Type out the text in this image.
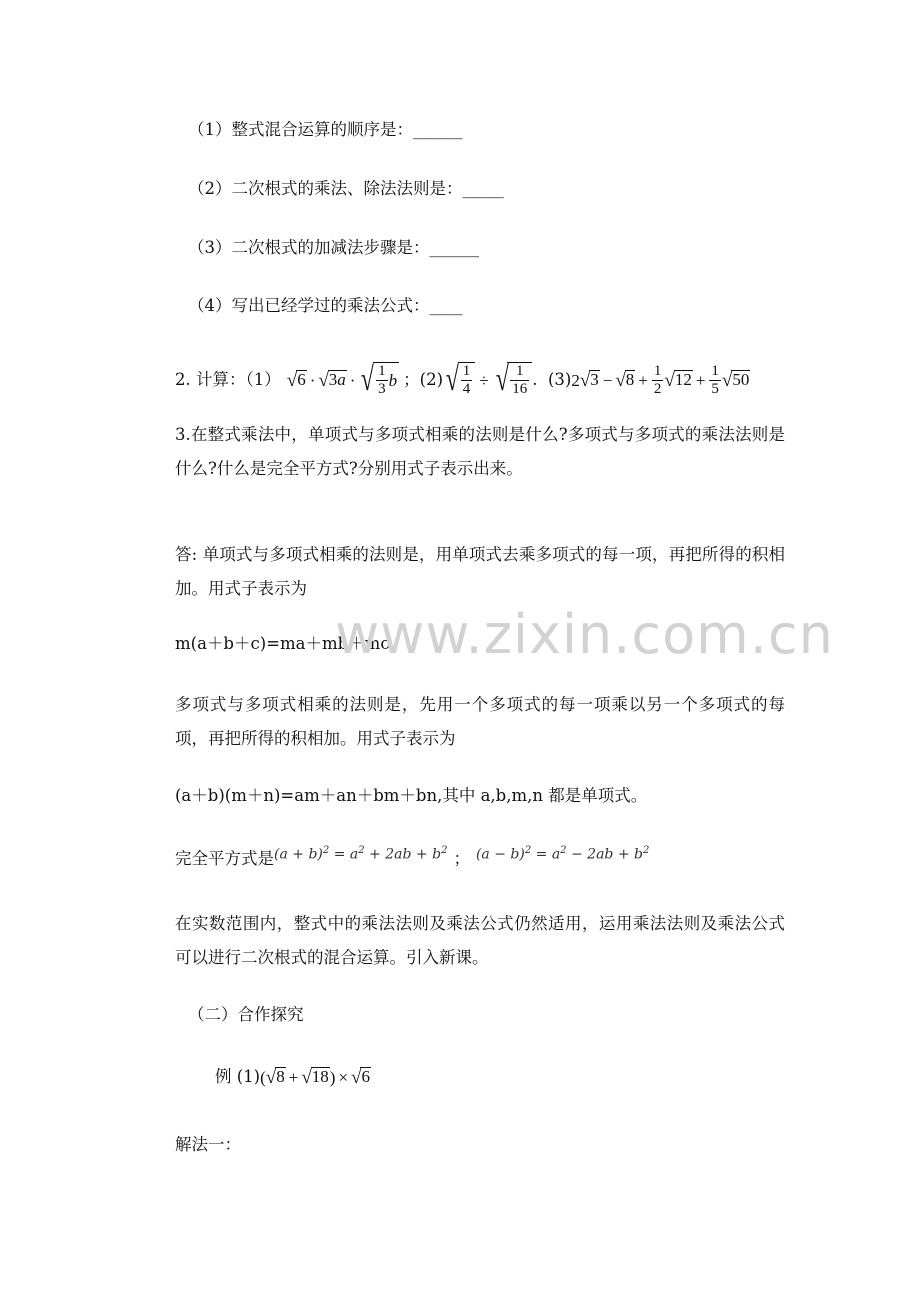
（1）整式混合运算的顺序是：______
（2）二次根式的乘法、除法法则是：_____
（3）二次根式的加减法步骤是：______
（4）写出已经学过的乘法公式：____
2. 计算：（1） √ 6 · √ 3a · √ $\frac{1}{3}$ b ；(2) √ $\frac{1}{4}$ ÷ √ $\frac{1}{16}$ .  (3) 2 √ 3 − √ $8 + \frac{1}{2}$ √ $12 + \frac{1}{5}$ √ 50
3.在整式乘法中，单项式与多项式相乘的法则是什么?多项式与多项式的乘法法则是什么?什么是完全平方式?分别用式子表示出来。
答: 单项式与多项式相乘的法则是，用单项式去乘多项式的每一项，再把所得的积相加。用式子表示为
m(a＋b＋c)=ma＋mb＋mc
多项式与多项式相乘的法则是，先用一个多项式的每一项乘以另一个多项式的每项，再把所得的积相加。用式子表示为
(a＋b)(m＋n)=am＋an＋bm＋bn,其中 a,b,m,n 都是单项式。
完全平方式是 $(a + b)^2 = a^2 + 2ab + b^2$ ； $(a - b)^2 = a^2 - 2ab + b^2$
在实数范围内，整式中的乘法法则及乘法公式仍然适用，运用乘法法则及乘法公式可以进行二次根式的混合运算。引入新课。
（二）合作探究
例 (1) ( √ 8 + √ 18 ) × √ 6
解法一：
www.zixin.com.cn
